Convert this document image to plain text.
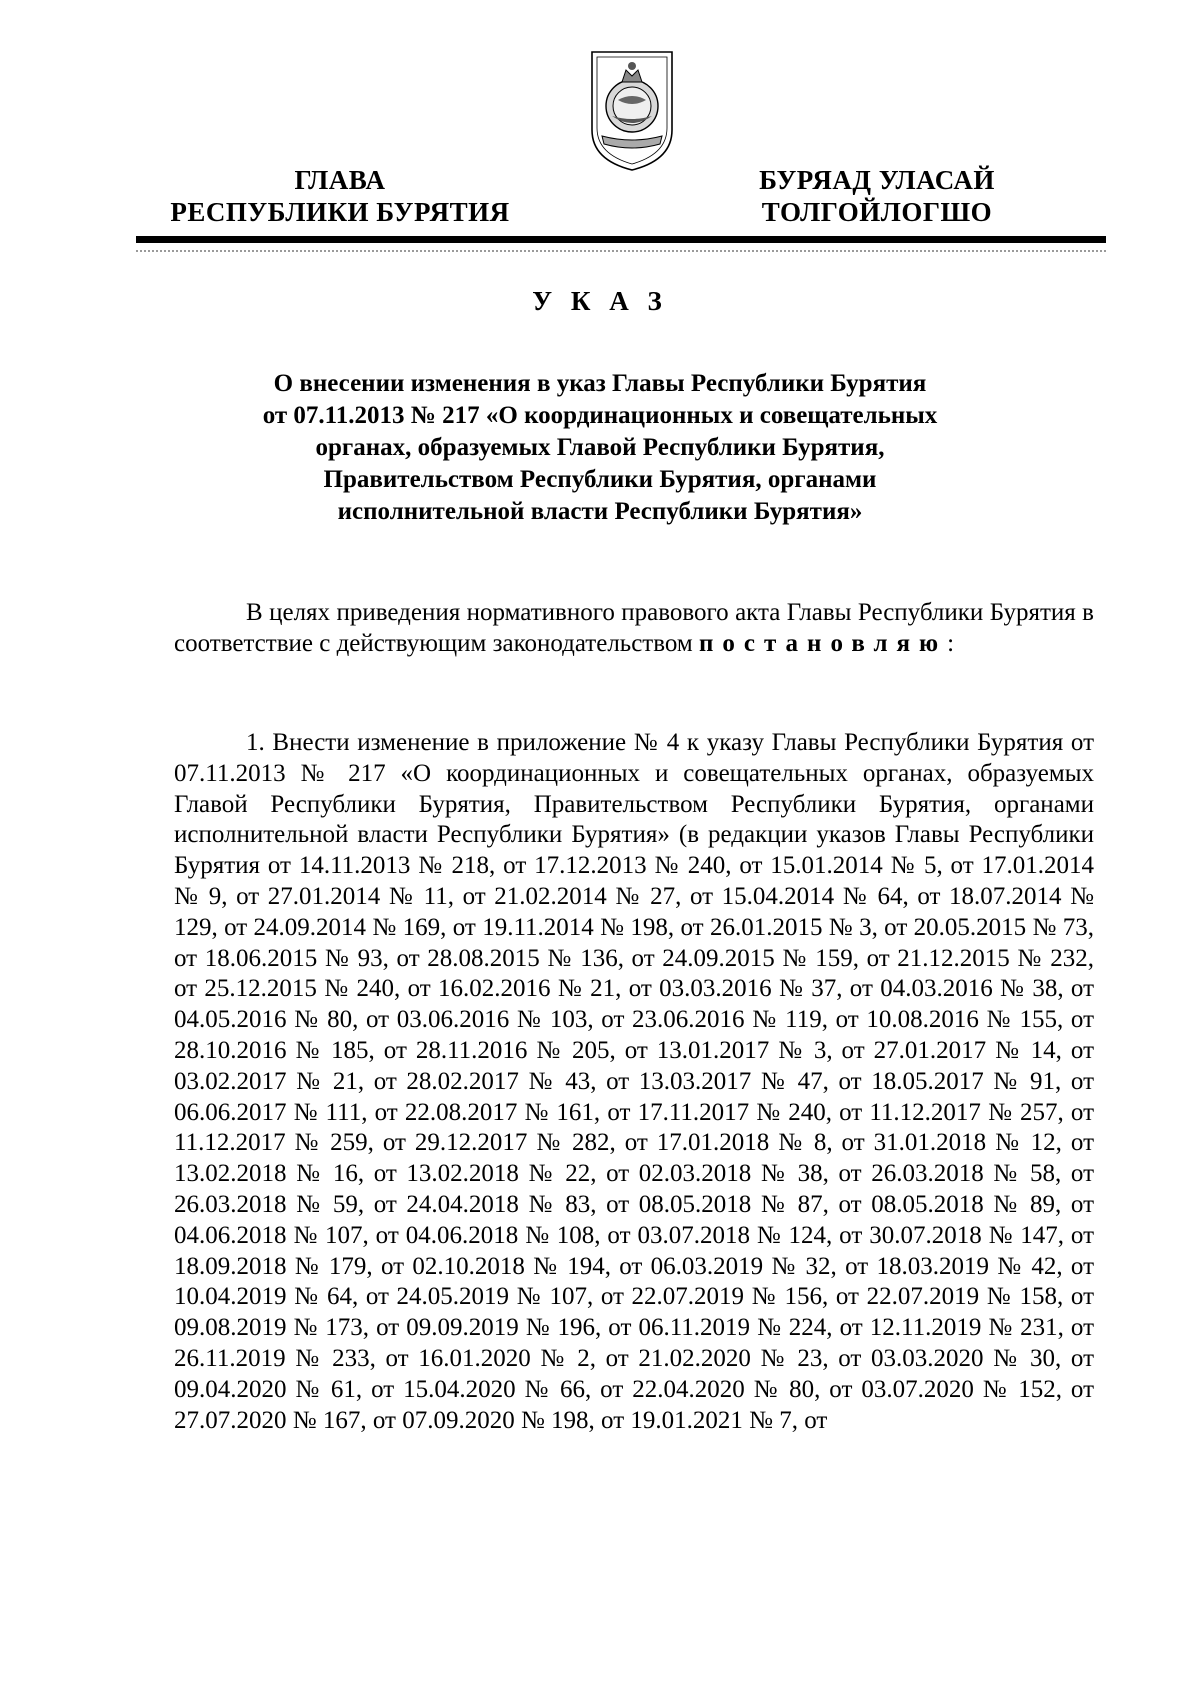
ГЛАВА
РЕСПУБЛИКИ БУРЯТИЯ
БУРЯАД УЛАСАЙ
ТОЛГОЙЛОГШО
У К А З
О внесении изменения в указ Главы Республики Бурятия
от 07.11.2013 № 217 «О координационных и совещательных
органах, образуемых Главой Республики Бурятия,
Правительством Республики Бурятия, органами
исполнительной власти Республики Бурятия»
В целях приведения нормативного правового акта Главы Республики Бурятия в соответствие с действующим законодательством постановляю:
1. Внести изменение в приложение № 4 к указу Главы Республики Бурятия от 07.11.2013 № 217 «О координационных и совещательных органах, образуемых Главой Республики Бурятия, Правительством Республики Бурятия, органами исполнительной власти Республики Бурятия» (в редакции указов Главы Республики Бурятия от 14.11.2013 № 218, от 17.12.2013 № 240, от 15.01.2014 № 5, от 17.01.2014 № 9, от 27.01.2014 № 11, от 21.02.2014 № 27, от 15.04.2014 № 64, от 18.07.2014 № 129, от 24.09.2014 № 169, от 19.11.2014 № 198, от 26.01.2015 № 3, от 20.05.2015 № 73, от 18.06.2015 № 93, от 28.08.2015 № 136, от 24.09.2015 № 159, от 21.12.2015 № 232, от 25.12.2015 № 240, от 16.02.2016 № 21, от 03.03.2016 № 37, от 04.03.2016 № 38, от 04.05.2016 № 80, от 03.06.2016 № 103, от 23.06.2016 № 119, от 10.08.2016 № 155, от 28.10.2016 № 185, от 28.11.2016 № 205, от 13.01.2017 № 3, от 27.01.2017 № 14, от 03.02.2017 № 21, от 28.02.2017 № 43, от 13.03.2017 № 47, от 18.05.2017 № 91, от 06.06.2017 № 111, от 22.08.2017 № 161, от 17.11.2017 № 240, от 11.12.2017 № 257, от 11.12.2017 № 259, от 29.12.2017 № 282, от 17.01.2018 № 8, от 31.01.2018 № 12, от 13.02.2018 № 16, от 13.02.2018 № 22, от 02.03.2018 № 38, от 26.03.2018 № 58, от 26.03.2018 № 59, от 24.04.2018 № 83, от 08.05.2018 № 87, от 08.05.2018 № 89, от 04.06.2018 № 107, от 04.06.2018 № 108, от 03.07.2018 № 124, от 30.07.2018 № 147, от 18.09.2018 № 179, от 02.10.2018 № 194, от 06.03.2019 № 32, от 18.03.2019 № 42, от 10.04.2019 № 64, от 24.05.2019 № 107, от 22.07.2019 № 156, от 22.07.2019 № 158, от 09.08.2019 № 173, от 09.09.2019 № 196, от 06.11.2019 № 224, от 12.11.2019 № 231, от 26.11.2019 № 233, от 16.01.2020 № 2, от 21.02.2020 № 23, от 03.03.2020 № 30, от 09.04.2020 № 61, от 15.04.2020 № 66, от 22.04.2020 № 80, от 03.07.2020 № 152, от 27.07.2020 № 167, от 07.09.2020 № 198, от 19.01.2021 № 7, от
